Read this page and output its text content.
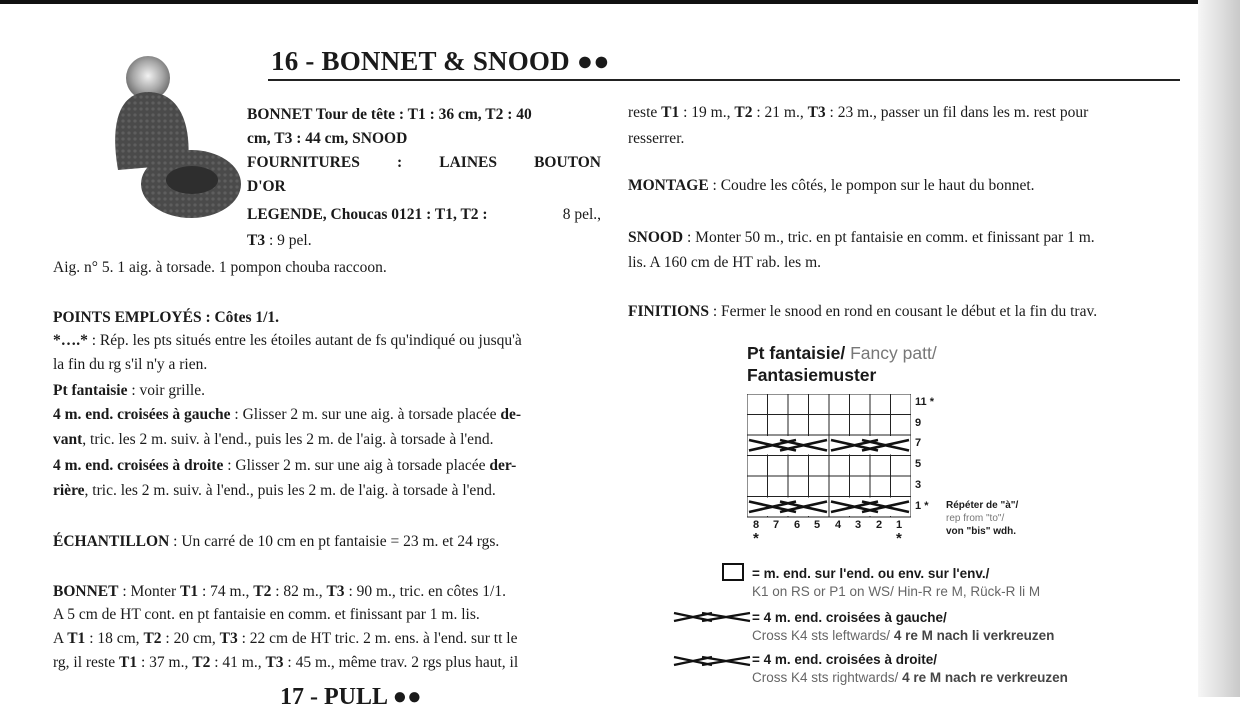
16 - BONNET & SNOOD ●●
BONNET Tour de tête : T1 : 36 cm, T2 : 40
cm, T3 : 44 cm, SNOOD
FOURNITURES : LAINES BOUTON
D'OR
LEGENDE, Choucas 0121 : T1, T2 :	8 pel.,
T3 : 9 pel.
Aig. n° 5. 1 aig. à torsade. 1 pompon chouba raccoon.
POINTS EMPLOYÉS : Côtes 1/1.
*….* : Rép. les pts situés entre les étoiles autant de fs qu'indiqué ou jusqu'à
la fin du rg s'il n'y a rien.
Pt fantaisie : voir grille.
4 m. end. croisées à gauche : Glisser 2 m. sur une aig. à torsade placée de-
vant, tric. les 2 m. suiv. à l'end., puis les 2 m. de l'aig. à torsade à l'end.
4 m. end. croisées à droite : Glisser 2 m. sur une aig à torsade placée der-
rière, tric. les 2 m. suiv. à l'end., puis les 2 m. de l'aig. à torsade à l'end.
ÉCHANTILLON : Un carré de 10 cm en pt fantaisie = 23 m. et 24 rgs.
BONNET : Monter T1 : 74 m., T2 : 82 m., T3 : 90 m., tric. en côtes 1/1.
A 5 cm de HT cont. en pt fantaisie en comm. et finissant par 1 m. lis.
A T1 : 18 cm, T2 : 20 cm, T3 : 22 cm de HT tric. 2 m. ens. à l'end. sur tt le
rg, il reste T1 : 37 m., T2 : 41 m., T3 : 45 m., même trav. 2 rgs plus haut, il
reste T1 : 19 m., T2 : 21 m., T3 : 23 m., passer un fil dans les m. rest pour
resserrer.
MONTAGE : Coudre les côtés, le pompon sur le haut du bonnet.
SNOOD : Monter 50 m., tric. en pt fantaisie en comm. et finissant par 1 m.
lis. A 160 cm de HT rab. les m.
FINITIONS : Fermer le snood en rond en cousant le début et la fin du trav.
Pt fantaisie/ Fancy patt/
Fantasiemuster
11 *
9
7
5
3
1 * Répéter de "à"/
rep from "to"/
von "bis" wdh.
8 7 6 5 4 3 2 1
*	*
= m. end. sur l'end. ou env. sur l'env./
K1 on RS or P1 on WS/ Hin-R re M, Rück-R li M
= 4 m. end. croisées à gauche/
Cross K4 sts leftwards/ 4 re M nach li verkreuzen
= 4 m. end. croisées à droite/
Cross K4 sts rightwards/ 4 re M nach re verkreuzen
17 - PULL ●●
